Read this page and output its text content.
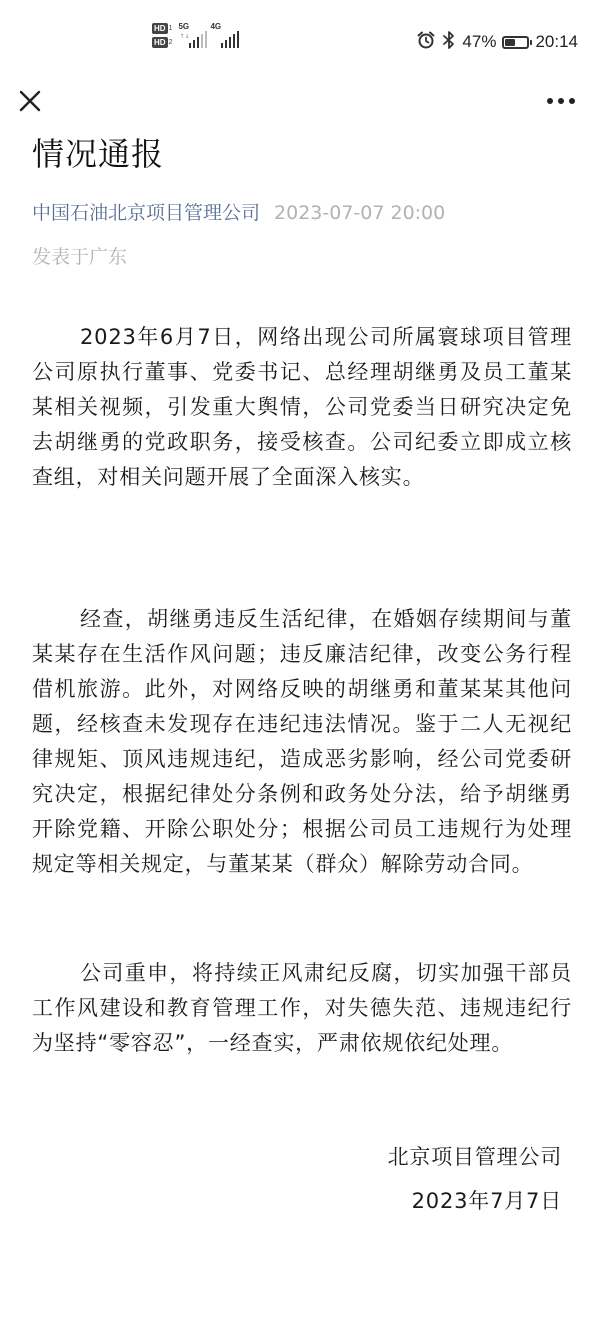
HD 1
HD 2
5G
↑↓
4G
47% 20:14
情况通报
中国石油北京项目管理公司 2023-07-07 20:00
发表于广东

2023年6月7日，网络出现公司所属寰球项目管理公司原执行董事、党委书记、总经理胡继勇及员工董某某相关视频，引发重大舆情，公司党委当日研究决定免去胡继勇的党政职务，接受核查。公司纪委立即成立核查组，对相关问题开展了全面深入核实。

经查，胡继勇违反生活纪律，在婚姻存续期间与董某某存在生活作风问题；违反廉洁纪律，改变公务行程借机旅游。此外，对网络反映的胡继勇和董某某其他问题，经核查未发现存在违纪违法情况。鉴于二人无视纪律规矩、顶风违规违纪，造成恶劣影响，经公司党委研究决定，根据纪律处分条例和政务处分法，给予胡继勇开除党籍、开除公职处分；根据公司员工违规行为处理规定等相关规定，与董某某（群众）解除劳动合同。

公司重申，将持续正风肃纪反腐，切实加强干部员工作风建设和教育管理工作，对失德失范、违规违纪行为坚持“零容忍”，一经查实，严肃依规依纪处理。

北京项目管理公司
2023年7月7日
